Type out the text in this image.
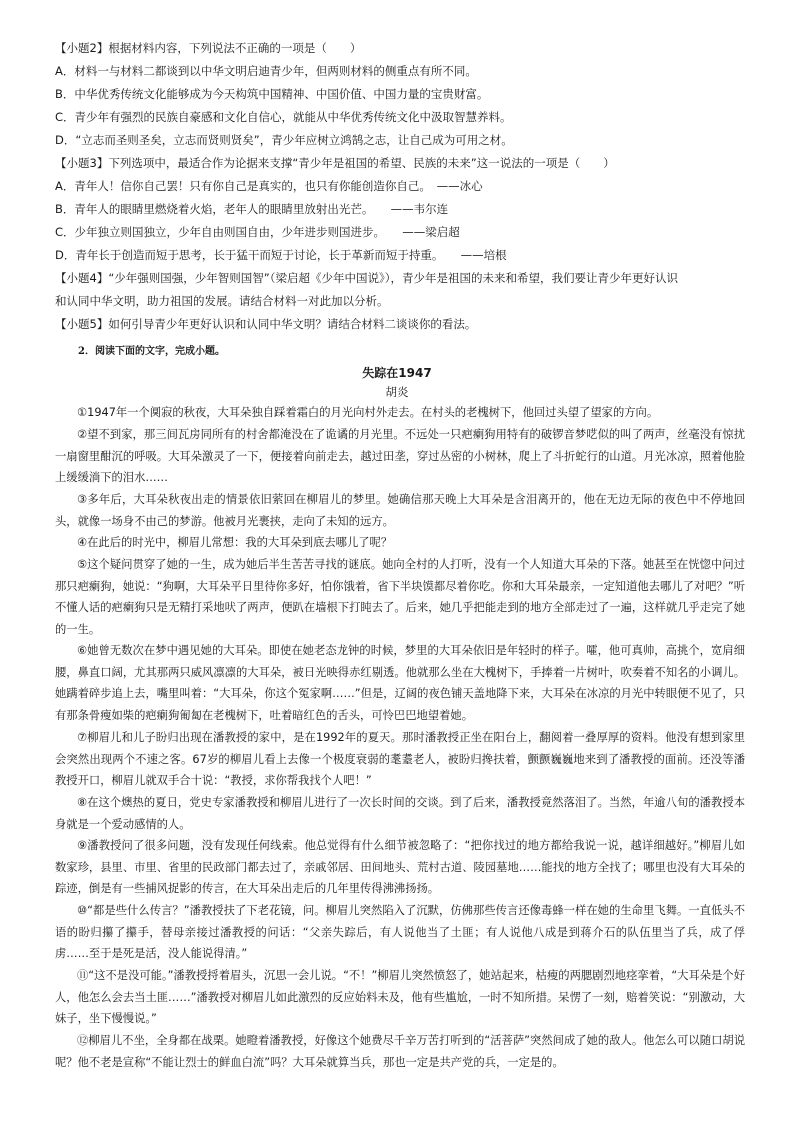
【小题2】根据材料内容，下列说法不正确的一项是（　　）
A．材料一与材料二都谈到以中华文明启迪青少年，但两则材料的侧重点有所不同。
B．中华优秀传统文化能够成为今天构筑中国精神、中国价值、中国力量的宝贵财富。
C．青少年有强烈的民族自豪感和文化自信心，就能从中华优秀传统文化中汲取智慧养料。
D．“立志而圣则圣矣，立志而贤则贤矣”，青少年应树立鸿鹄之志，让自己成为可用之材。
【小题3】下列选项中，最适合作为论据来支撑“青少年是祖国的希望、民族的未来”这一说法的一项是（　　）
A．青年人！信你自己罢！只有你自己是真实的，也只有你能创造你自己。　——冰心
B．青年人的眼睛里燃烧着火焰，老年人的眼睛里放射出光芒。　　——韦尔连
C．少年独立则国独立，少年自由则国自由，少年进步则国进步。　　——梁启超
D．青年长于创造而短于思考，长于猛干而短于讨论，长于革新而短于持重。　　——培根
【小题4】“少年强则国强，少年智则国智”（梁启超《少年中国说》），青少年是祖国的未来和希望，我们要让青少年更好认识
和认同中华文明，助力祖国的发展。请结合材料一对此加以分析。
【小题5】如何引导青少年更好认识和认同中华文明？请结合材料二谈谈你的看法。
2．阅读下面的文字，完成小题。
失踪在1947
胡炎
①1947年一个阒寂的秋夜，大耳朵独自踩着霜白的月光向村外走去。在村头的老槐树下，他回过头望了望家的方向。
②望不到家，那三间瓦房同所有的村舍都淹没在了诡谲的月光里。不远处一只疤瘌狗用特有的破锣音梦呓似的叫了两声，丝毫没有惊扰一扇窗里酣沉的呼吸。大耳朵激灵了一下，便接着向前走去，越过田垄，穿过丛密的小树林，爬上了斗折蛇行的山道。月光冰凉，照着他脸上缓缓淌下的泪水……
③多年后，大耳朵秋夜出走的情景依旧萦回在柳眉儿的梦里。她确信那天晚上大耳朵是含泪离开的，他在无边无际的夜色中不停地回头，就像一场身不由己的梦游。他被月光裹挟，走向了未知的远方。
④在此后的时光中，柳眉儿常想：我的大耳朵到底去哪儿了呢？
⑤这个疑问贯穿了她的一生，成为她后半生苦苦寻找的谜底。她向全村的人打听，没有一个人知道大耳朵的下落。她甚至在恍惚中问过那只疤瘌狗，她说：“狗啊，大耳朵平日里待你多好，怕你饿着，省下半块馍都尽着你吃。你和大耳朵最亲，一定知道他去哪儿了对吧？”听不懂人话的疤瘌狗只是无精打采地吠了两声，便趴在墙根下打盹去了。后来，她几乎把能走到的地方全部走过了一遍，这样就几乎走完了她的一生。
⑥她曾无数次在梦中遇见她的大耳朵。即使在她老态龙钟的时候，梦里的大耳朵依旧是年轻时的样子。嚯，他可真帅，高挑个，宽肩细腰，鼻直口阔，尤其那两只威风凛凛的大耳朵，被日光映得赤红剔透。他就那么坐在大槐树下，手捧着一片树叶，吹奏着不知名的小调儿。她蹒着碎步追上去，嘴里叫着：“大耳朵，你这个冤家啊……”但是，辽阔的夜色铺天盖地降下来，大耳朵在冰凉的月光中转眼便不见了，只有那条骨瘦如柴的疤瘌狗匍匐在老槐树下，吐着暗红色的舌头，可怜巴巴地望着她。
⑦柳眉儿和儿子盼归出现在潘教授的家中，是在1992年的夏天。那时潘教授正坐在阳台上，翻阅着一叠厚厚的资料。他没有想到家里会突然出现两个不速之客。67岁的柳眉儿看上去像一个极度衰弱的耄耋老人，被盼归搀扶着，颤颤巍巍地来到了潘教授的面前。还没等潘教授开口，柳眉儿就双手合十说：“教授，求你帮我找个人吧！”
⑧在这个燠热的夏日，党史专家潘教授和柳眉儿进行了一次长时间的交谈。到了后来，潘教授竟然落泪了。当然，年逾八旬的潘教授本身就是一个爱动感情的人。
⑨潘教授问了很多问题，没有发现任何线索。他总觉得有什么细节被忽略了：“把你找过的地方都给我说一说，越详细越好。”柳眉儿如数家珍，县里、市里、省里的民政部门都去过了，亲戚邻居、田间地头、荒村古道、陵园墓地……能找的地方全找了；哪里也没有大耳朵的踪迹，倒是有一些捕风捉影的传言，在大耳朵出走后的几年里传得沸沸扬扬。
⑩“都是些什么传言？”潘教授扶了下老花镜，问。柳眉儿突然陷入了沉默，仿佛那些传言还像毒蜂一样在她的生命里飞舞。一直低头不语的盼归攥了攥手，替母亲接过潘教授的问话：“父亲失踪后，有人说他当了土匪；有人说他八成是到蒋介石的队伍里当了兵，成了俘虏……至于是死是活，没人能说得清。”
⑪“这不是没可能。”潘教授捋着眉头，沉思一会儿说。“不！”柳眉儿突然愤怒了，她站起来，枯瘦的两腮剧烈地痉挛着，“大耳朵是个好人，他怎么会去当土匪……”潘教授对柳眉儿如此激烈的反应始料未及，他有些尴尬，一时不知所措。呆愣了一刻，赔着笑说：“别激动，大妹子，坐下慢慢说。”
⑫柳眉儿不坐，全身都在战栗。她瞪着潘教授，好像这个她费尽千辛万苦打听到的“活菩萨”突然间成了她的敌人。他怎么可以随口胡说呢？他不老是宣称“不能让烈士的鲜血白流”吗？大耳朵就算当兵，那也一定是共产党的兵，一定是的。
